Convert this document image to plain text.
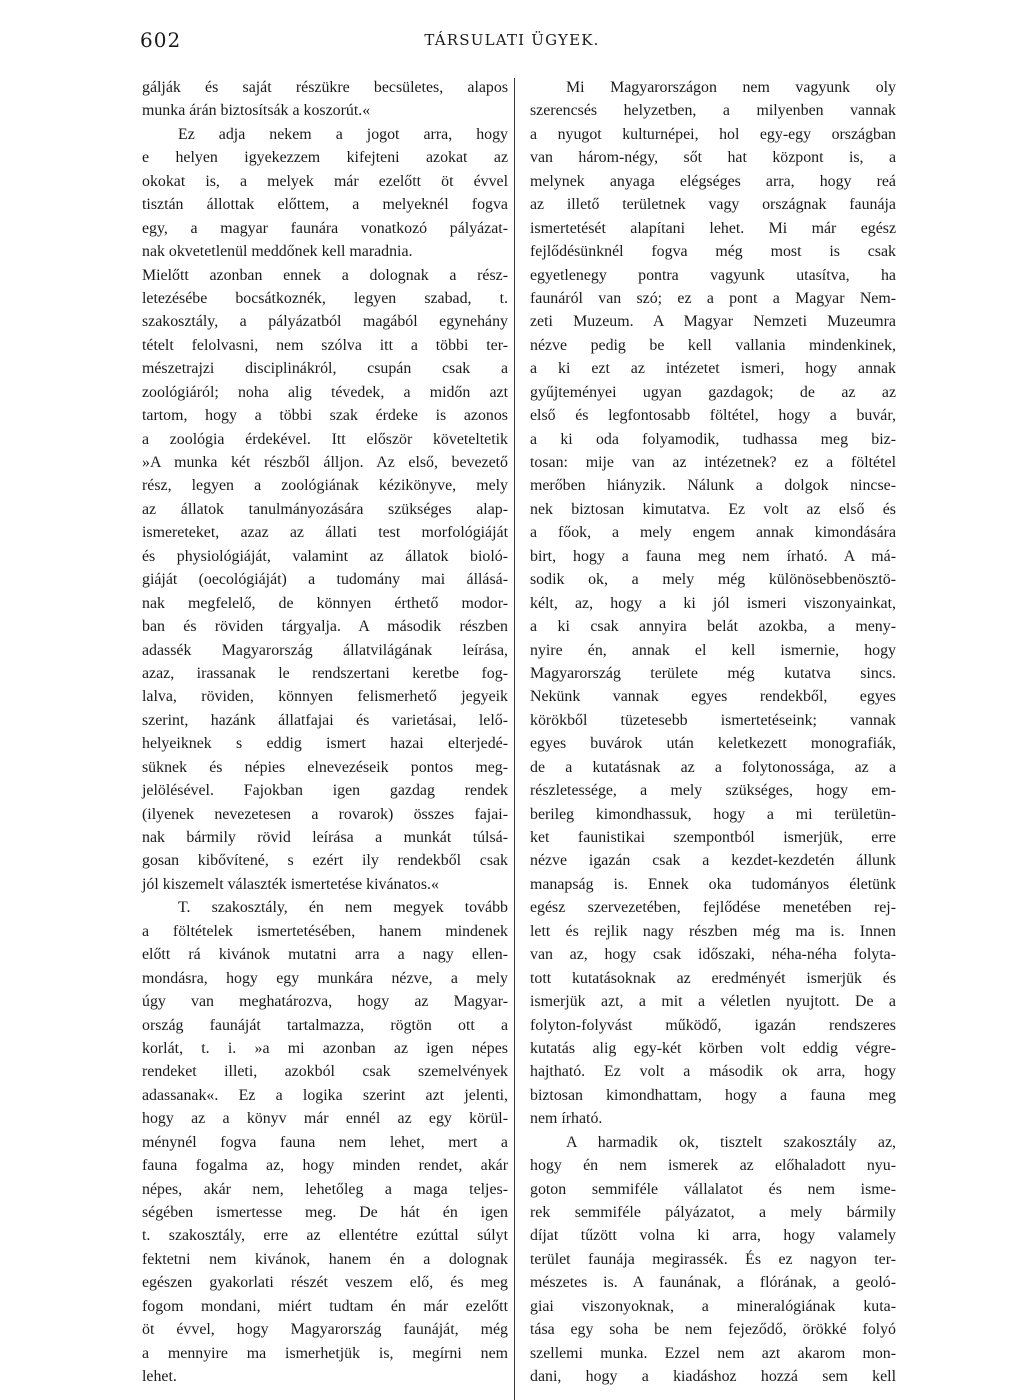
602	TÁRSULATI ÜGYEK.
gálják és saját részükre becsületes, alapos
munka árán biztosítsák a koszorút.«
Ez adja nekem a jogot arra, hogy
e helyen igyekezzem kifejteni azokat az
okokat is, a melyek már ezelőtt öt évvel
tisztán állottak előttem, a melyeknél fogva
egy, a magyar faunára vonatkozó pályázat-
nak okvetetlenül meddőnek kell maradnia.
Mielőtt azonban ennek a dolognak a rész-
letezésébe bocsátkoznék, legyen szabad, t.
szakosztály, a pályázatból magából egynehány
tételt felolvasni, nem szólva itt a többi ter-
mészetrajzi disciplinákról, csupán csak a
zoológiáról; noha alig tévedek, a midőn azt
tartom, hogy a többi szak érdeke is azonos
a zoológia érdekével. Itt először követeltetik
»A munka két részből álljon. Az első, bevezető
rész, legyen a zoológiának kézikönyve, mely
az állatok tanulmányozására szükséges alap-
ismereteket, azaz az állati test morfológiáját
és physiológiáját, valamint az állatok bioló-
giáját (oecológiáját) a tudomány mai állásá-
nak megfelelő, de könnyen érthető modor-
ban és röviden tárgyalja. A második részben
adassék Magyarország állatvilágának leírása,
azaz, irassanak le rendszertani keretbe fog-
lalva, röviden, könnyen felismerhető jegyeik
szerint, hazánk állatfajai és varietásai, lelő-
helyeiknek s eddig ismert hazai elterjedé-
süknek és népies elnevezéseik pontos meg-
jelölésével. Fajokban igen gazdag rendek
(ilyenek nevezetesen a rovarok) összes fajai-
nak bármily rövid leírása a munkát túlsá-
gosan kibővítené, s ezért ily rendekből csak
jól kiszemelt választék ismertetése kivánatos.«
T. szakosztály, én nem megyek tovább
a föltételek ismertetésében, hanem mindenek
előtt rá kivánok mutatni arra a nagy ellen-
mondásra, hogy egy munkára nézve, a mely
úgy van meghatározva, hogy az Magyar-
ország faunáját tartalmazza, rögtön ott a
korlát, t. i. »a mi azonban az igen népes
rendeket illeti, azokból csak szemelvények
adassanak«. Ez a logika szerint azt jelenti,
hogy az a könyv már ennél az egy körül-
ménynél fogva fauna nem lehet, mert a
fauna fogalma az, hogy minden rendet, akár
népes, akár nem, lehetőleg a maga teljes-
ségében ismertesse meg. De hát én igen
t. szakosztály, erre az ellentétre ezúttal súlyt
fektetni nem kivánok, hanem én a dolognak
egészen gyakorlati részét veszem elő, és meg
fogom mondani, miért tudtam én már ezelőtt
öt évvel, hogy Magyarország faunáját, még
a mennyire ma ismerhetjük is, megírni nem
lehet.
Mi Magyarországon nem vagyunk oly
szerencsés helyzetben, a milyenben vannak
a nyugot kulturnépei, hol egy-egy országban
van három-négy, sőt hat központ is, a
melynek anyaga elégséges arra, hogy reá
az illető területnek vagy országnak faunája
ismertetését alapítani lehet. Mi már egész
fejlődésünknél fogva még most is csak
egyetlenegy pontra vagyunk utasítva, ha
faunáról van szó; ez a pont a Magyar Nem-
zeti Muzeum. A Magyar Nemzeti Muzeumra
nézve pedig be kell vallania mindenkinek,
a ki ezt az intézetet ismeri, hogy annak
gyűjteményei ugyan gazdagok; de az az
első és legfontosabb föltétel, hogy a buvár,
a ki oda folyamodik, tudhassa meg biz-
tosan: mije van az intézetnek? ez a föltétel
merőben hiányzik. Nálunk a dolgok nincse-
nek biztosan kimutatva. Ez volt az első és
a főok, a mely engem annak kimondására
birt, hogy a fauna meg nem írható. A má-
sodik ok, a mely még különösebbenösztö-
kélt, az, hogy a ki jól ismeri viszonyainkat,
a ki csak annyira belát azokba, a meny-
nyire én, annak el kell ismernie, hogy
Magyarország területe még kutatva sincs.
Nekünk vannak egyes rendekből, egyes
körökből tüzetesebb ismertetéseink; vannak
egyes buvárok után keletkezett monografiák,
de a kutatásnak az a folytonossága, az a
részletessége, a mely szükséges, hogy em-
berileg kimondhassuk, hogy a mi területün-
ket faunistikai szempontból ismerjük, erre
nézve igazán csak a kezdet-kezdetén állunk
manapság is. Ennek oka tudományos életünk
egész szervezetében, fejlődése menetében rej-
lett és rejlik nagy részben még ma is. Innen
van az, hogy csak időszaki, néha-néha folyta-
tott kutatásoknak az eredményét ismerjük és
ismerjük azt, a mit a véletlen nyujtott. De a
folyton-folyvást működő, igazán rendszeres
kutatás alig egy-két körben volt eddig végre-
hajtható. Ez volt a második ok arra, hogy
biztosan kimondhattam, hogy a fauna meg
nem írható.
A harmadik ok, tisztelt szakosztály az,
hogy én nem ismerek az előhaladott nyu-
goton semmiféle vállalatot és nem isme-
rek semmiféle pályázatot, a mely bármily
díjat tűzött volna ki arra, hogy valamely
terület faunája megirassék. És ez nagyon ter-
mészetes is. A faunának, a flórának, a geoló-
giai viszonyoknak, a mineralógiának kuta-
tása egy soha be nem fejeződő, örökké folyó
szellemi munka. Ezzel nem azt akarom mon-
dani, hogy a kiadáshoz hozzá sem kell
